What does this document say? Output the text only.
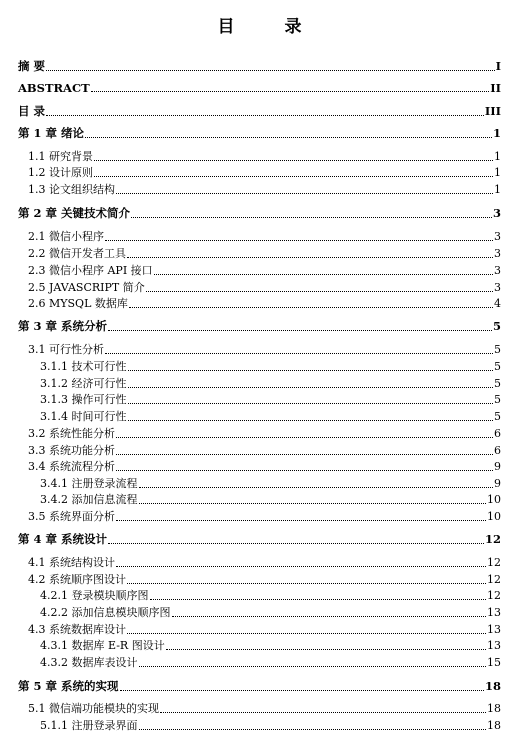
目 录
摘 要	I
ABSTRACT	II
目 录	III
第 1 章 绪论	1
1.1 研究背景	1
1.2 设计原则	1
1.3 论文组织结构	1
第 2 章 关键技术简介	3
2.1 微信小程序	3
2.2 微信开发者工具	3
2.3 微信小程序 API 接口	3
2.5 JAVASCRIPT 简介	3
2.6 MYSQL 数据库	4
第 3 章 系统分析	5
3.1 可行性分析	5
3.1.1 技术可行性	5
3.1.2 经济可行性	5
3.1.3 操作可行性	5
3.1.4 时间可行性	5
3.2 系统性能分析	6
3.3 系统功能分析	6
3.4 系统流程分析	9
3.4.1 注册登录流程	9
3.4.2 添加信息流程	10
3.5 系统界面分析	10
第 4 章 系统设计	12
4.1 系统结构设计	12
4.2 系统顺序图设计	12
4.2.1 登录模块顺序图	12
4.2.2 添加信息模块顺序图	13
4.3 系统数据库设计	13
4.3.1 数据库 E-R 图设计	13
4.3.2 数据库表设计	15
第 5 章 系统的实现	18
5.1 微信端功能模块的实现	18
5.1.1 注册登录界面	18
